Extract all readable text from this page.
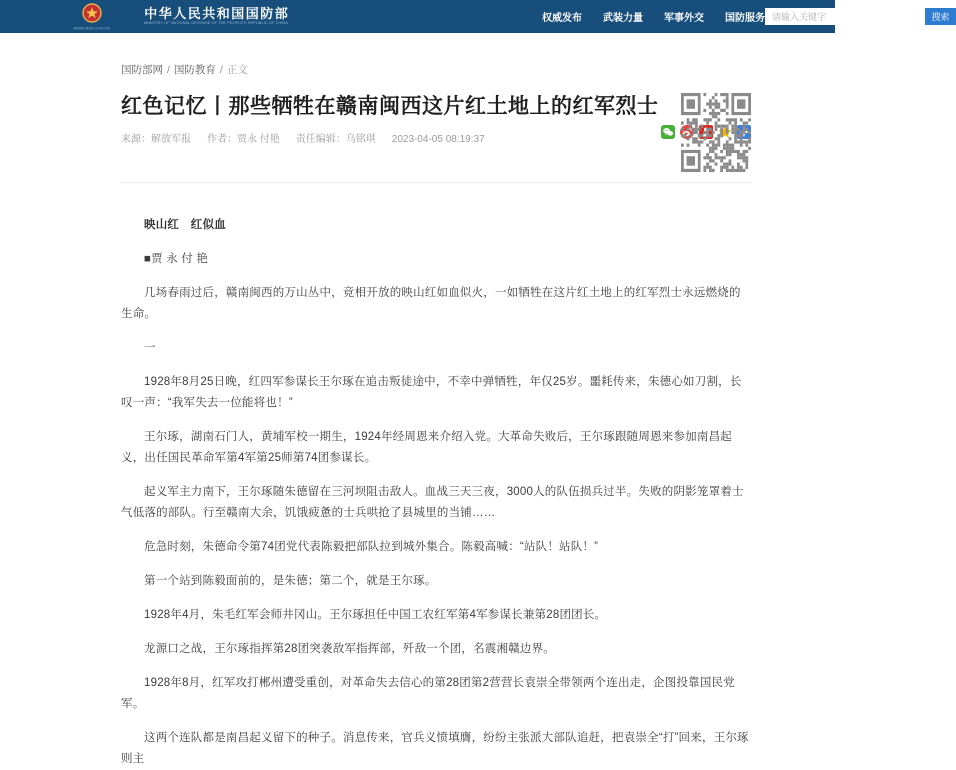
WWW.MOD.GOV.CN
中华人民共和国国防部
MINISTRY OF NATIONAL DEFENSE OF THE PEOPLE'S REPUBLIC OF CHINA	权威发布 武装力量 军事外交 国防服务
请输入关键字	搜索
国防部网 / 国防教育 / 正文
红色记忆丨那些牺牲在赣南闽西这片红土地上的红军烈士
来源：解放军报 作者：贾永 付艳 责任编辑：乌铭琪 2023-04-05 08:19:37

映山红　红似血

■贾 永 付 艳

几场春雨过后，赣南闽西的万山丛中，竞相开放的映山红如血似火，一如牺牲在这片红土地上的红军烈士永远燃烧的生命。

一

1928年8月25日晚，红四军参谋长王尔琢在追击叛徒途中，不幸中弹牺牲，年仅25岁。噩耗传来，朱德心如刀割，长叹一声：“我军失去一位能将也！”

王尔琢，湖南石门人，黄埔军校一期生，1924年经周恩来介绍入党。大革命失败后，王尔琢跟随周恩来参加南昌起义，出任国民革命军第4军第25师第74团参谋长。

起义军主力南下，王尔琢随朱德留在三河坝阻击敌人。血战三天三夜，3000人的队伍损兵过半。失败的阴影笼罩着士气低落的部队。行至赣南大余，饥饿疲惫的士兵哄抢了县城里的当铺……

危急时刻，朱德命令第74团党代表陈毅把部队拉到城外集合。陈毅高喊：“站队！站队！”

第一个站到陈毅面前的，是朱德；第二个，就是王尔琢。

1928年4月，朱毛红军会师井冈山。王尔琢担任中国工农红军第4军参谋长兼第28团团长。

龙源口之战，王尔琢指挥第28团突袭敌军指挥部，歼敌一个团，名震湘赣边界。

1928年8月，红军攻打郴州遭受重创，对革命失去信心的第28团第2营营长袁崇全带领两个连出走，企图投靠国民党军。

这两个连队都是南昌起义留下的种子。消息传来，官兵义愤填膺，纷纷主张派大部队追赶，把袁崇全“打”回来，王尔琢则主
